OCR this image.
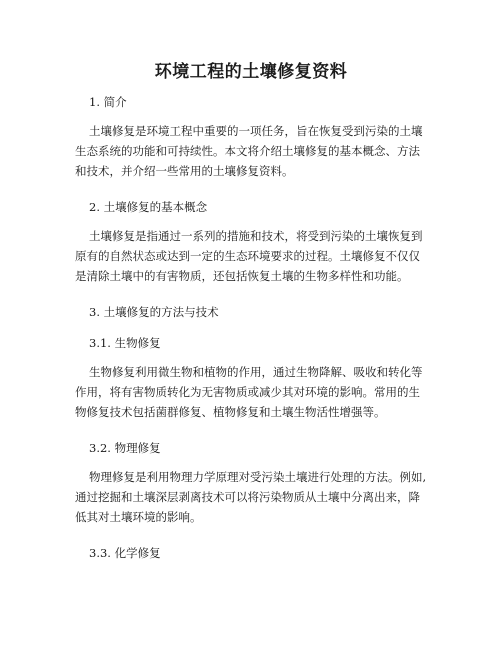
环境工程的土壤修复资料
1. 简介
土壤修复是环境工程中重要的一项任务，旨在恢复受到污染的土壤
生态系统的功能和可持续性。本文将介绍土壤修复的基本概念、方法
和技术，并介绍一些常用的土壤修复资料。
2. 土壤修复的基本概念
土壤修复是指通过一系列的措施和技术，将受到污染的土壤恢复到
原有的自然状态或达到一定的生态环境要求的过程。土壤修复不仅仅
是清除土壤中的有害物质，还包括恢复土壤的生物多样性和功能。
3. 土壤修复的方法与技术
3.1. 生物修复
生物修复利用微生物和植物的作用，通过生物降解、吸收和转化等
作用，将有害物质转化为无害物质或减少其对环境的影响。常用的生
物修复技术包括菌群修复、植物修复和土壤生物活性增强等。
3.2. 物理修复
物理修复是利用物理力学原理对受污染土壤进行处理的方法。例如,
通过挖掘和土壤深层剥离技术可以将污染物质从土壤中分离出来，降
低其对土壤环境的影响。
3.3. 化学修复
